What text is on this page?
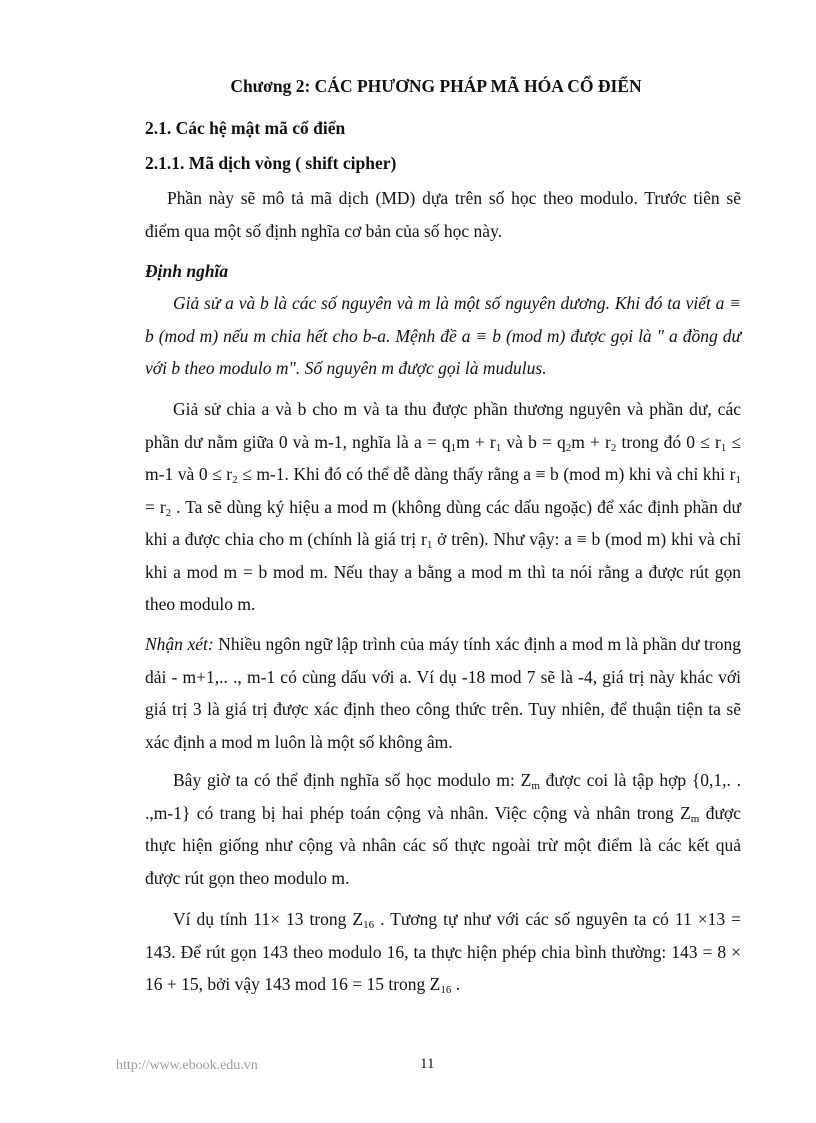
Chương 2: CÁC PHƯƠNG PHÁP MÃ HÓA CỔ ĐIỂN
2.1. Các hệ mật mã cổ điển
2.1.1. Mã dịch vòng ( shift cipher)

Phần này sẽ mô tả mã dịch (MD) dựa trên số học theo modulo. Trước tiên sẽ điểm qua một số định nghĩa cơ bản của số học này.

Định nghĩa

Giả sử a và b là các số nguyên và m là một số nguyên dương. Khi đó ta viết a ≡ b (mod m) nếu m chia hết cho b-a. Mệnh đề a ≡ b (mod m) được gọi là " a đồng dư với b theo modulo m". Số nguyên m được gọi là mudulus.

Giả sử chia a và b cho m và ta thu được phần thương nguyên và phần dư, các phần dư nằm giữa 0 và m-1, nghĩa là $a = q_1m + r_1$ và $b = q_2m + r_2$ trong đó $0 \le r_1 \le m-1$ và $0 \le r_2 \le m-1$. Khi đó có thể dễ dàng thấy rằng a ≡ b (mod m) khi và chỉ khi $r_1 = r_2$ . Ta sẽ dùng ký hiệu a mod m (không dùng các dấu ngoặc) để xác định phần dư khi a được chia cho m (chính là giá trị $r_1$ ở trên). Như vậy: a ≡ b (mod m) khi và chỉ khi a mod m = b mod m. Nếu thay a bằng a mod m thì ta nói rằng a được rút gọn theo modulo m.

Nhận xét: Nhiều ngôn ngữ lập trình của máy tính xác định a mod m là phần dư trong dải - m+1,.. ., m-1 có cùng dấu với a. Ví dụ -18 mod 7 sẽ là -4, giá trị này khác với giá trị 3 là giá trị được xác định theo công thức trên. Tuy nhiên, để thuận tiện ta sẽ xác định a mod m luôn là một số không âm.

Bây giờ ta có thể định nghĩa số học modulo m: $Z_m$ được coi là tập hợp {0,1,. . .,m-1} có trang bị hai phép toán cộng và nhân. Việc cộng và nhân trong $Z_m$ được thực hiện giống như cộng và nhân các số thực ngoài trừ một điểm là các kết quả được rút gọn theo modulo m.

Ví dụ tính 11× 13 trong $Z_{16}$ . Tương tự như với các số nguyên ta có 11 ×13 = 143. Để rút gọn 143 theo modulo 16, ta thực hiện phép chia bình thường: 143 = 8 × 16 + 15, bởi vậy 143 mod 16 = 15 trong $Z_{16}$ .

http://www.ebook.edu.vn	11
